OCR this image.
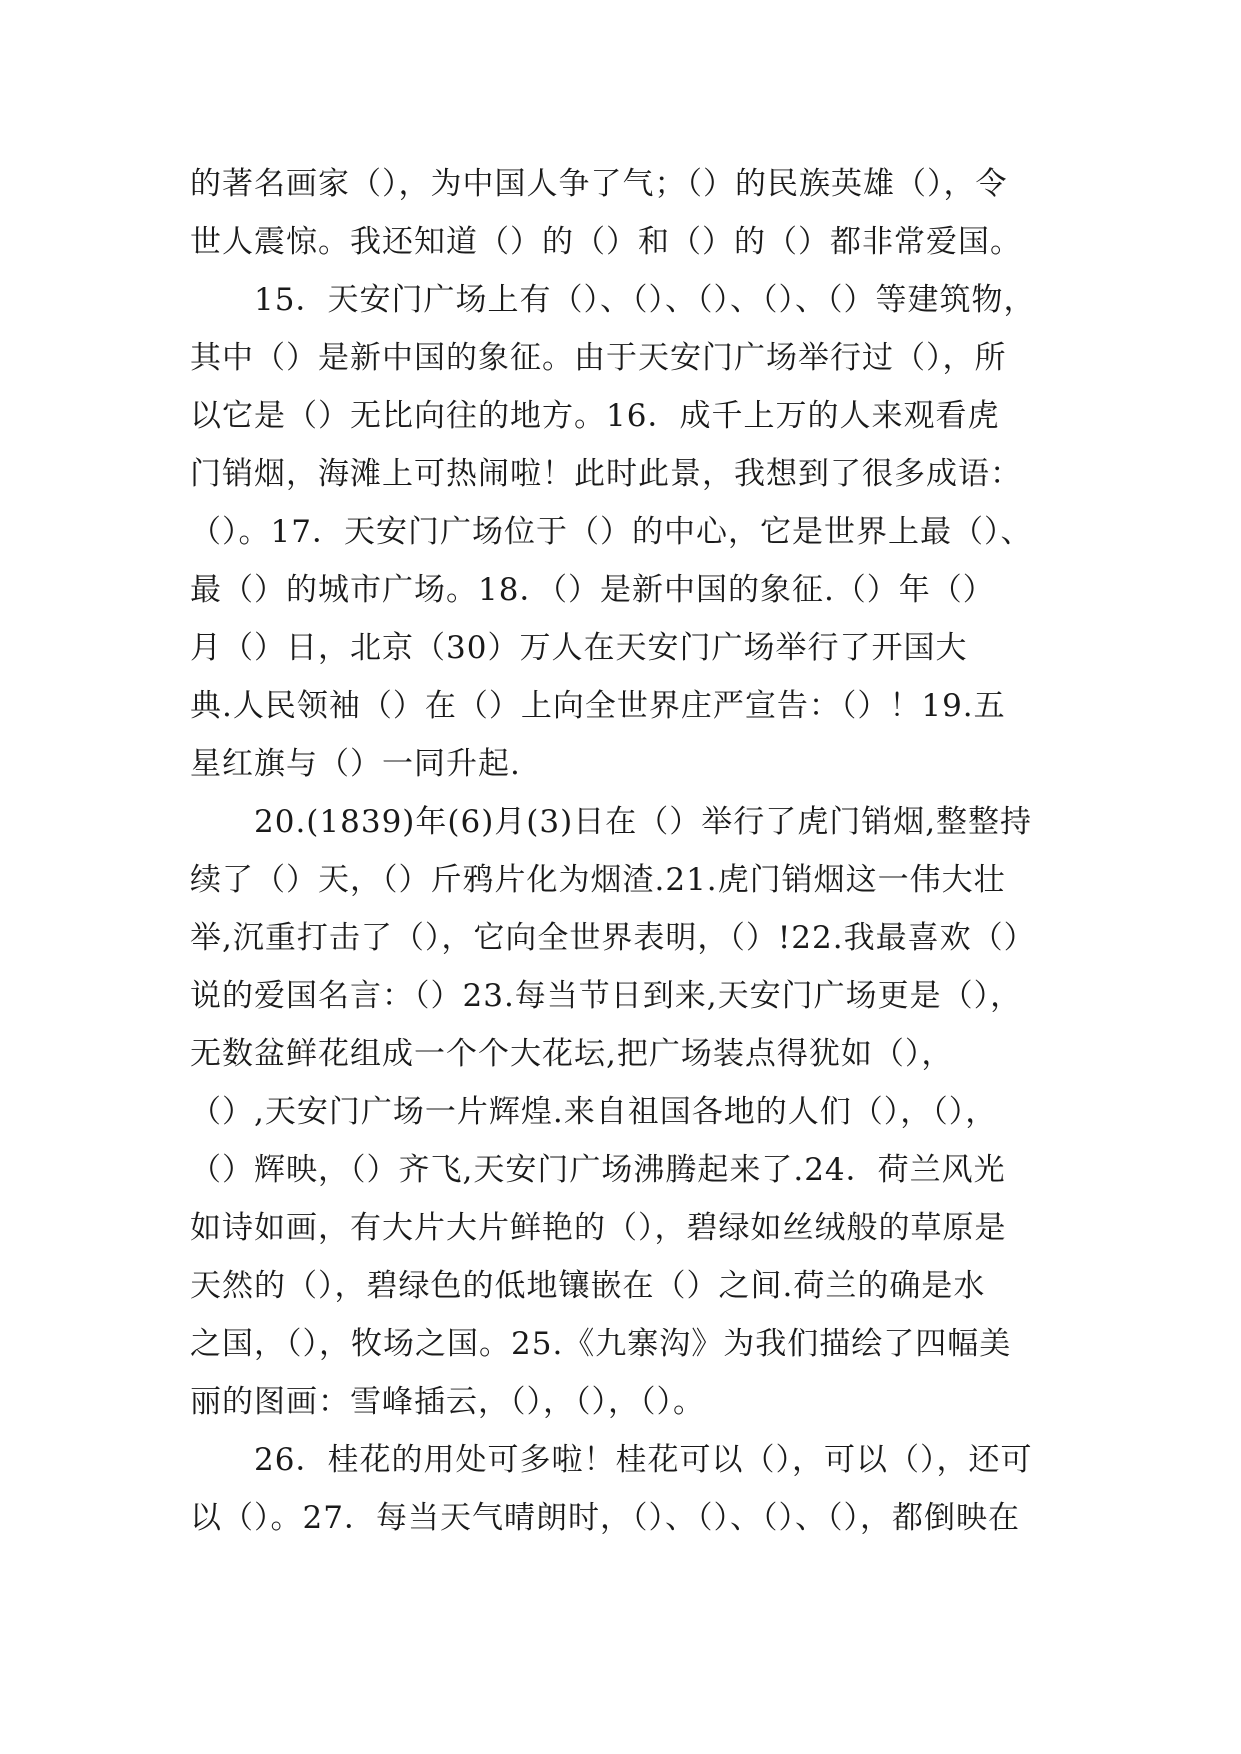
的著名画家（），为中国人争了气；（）的民族英雄（），令
世人震惊。我还知道（）的（）和（）的（）都非常爱国。
15．天安门广场上有（）、（）、（）、（）、（）等建筑物，
其中（）是新中国的象征。由于天安门广场举行过（），所
以它是（）无比向往的地方。16．成千上万的人来观看虎
门销烟，海滩上可热闹啦！此时此景，我想到了很多成语：
（）。17．天安门广场位于（）的中心，它是世界上最（）、
最（）的城市广场。18．（）是新中国的象征.（）年（）
月（）日，北京（30）万人在天安门广场举行了开国大
典.人民领袖（）在（）上向全世界庄严宣告：（）！19.五
星红旗与（）一同升起.
20.(1839)年(6)月(3)日在（）举行了虎门销烟,整整持
续了（）天，（）斤鸦片化为烟渣.21.虎门销烟这一伟大壮
举,沉重打击了（），它向全世界表明，（）!22.我最喜欢（）
说的爱国名言：（）23.每当节日到来,天安门广场更是（），
无数盆鲜花组成一个个大花坛,把广场装点得犹如（），
（）,天安门广场一片辉煌.来自祖国各地的人们（），（），
（）辉映，（）齐飞,天安门广场沸腾起来了.24．荷兰风光
如诗如画，有大片大片鲜艳的（），碧绿如丝绒般的草原是
天然的（），碧绿色的低地镶嵌在（）之间.荷兰的确是水
之国，（），牧场之国。25.《九寨沟》为我们描绘了四幅美
丽的图画：雪峰插云，（），（），（）。
26．桂花的用处可多啦！桂花可以（），可以（），还可
以（）。27．每当天气晴朗时，（）、（）、（）、（），都倒映在
